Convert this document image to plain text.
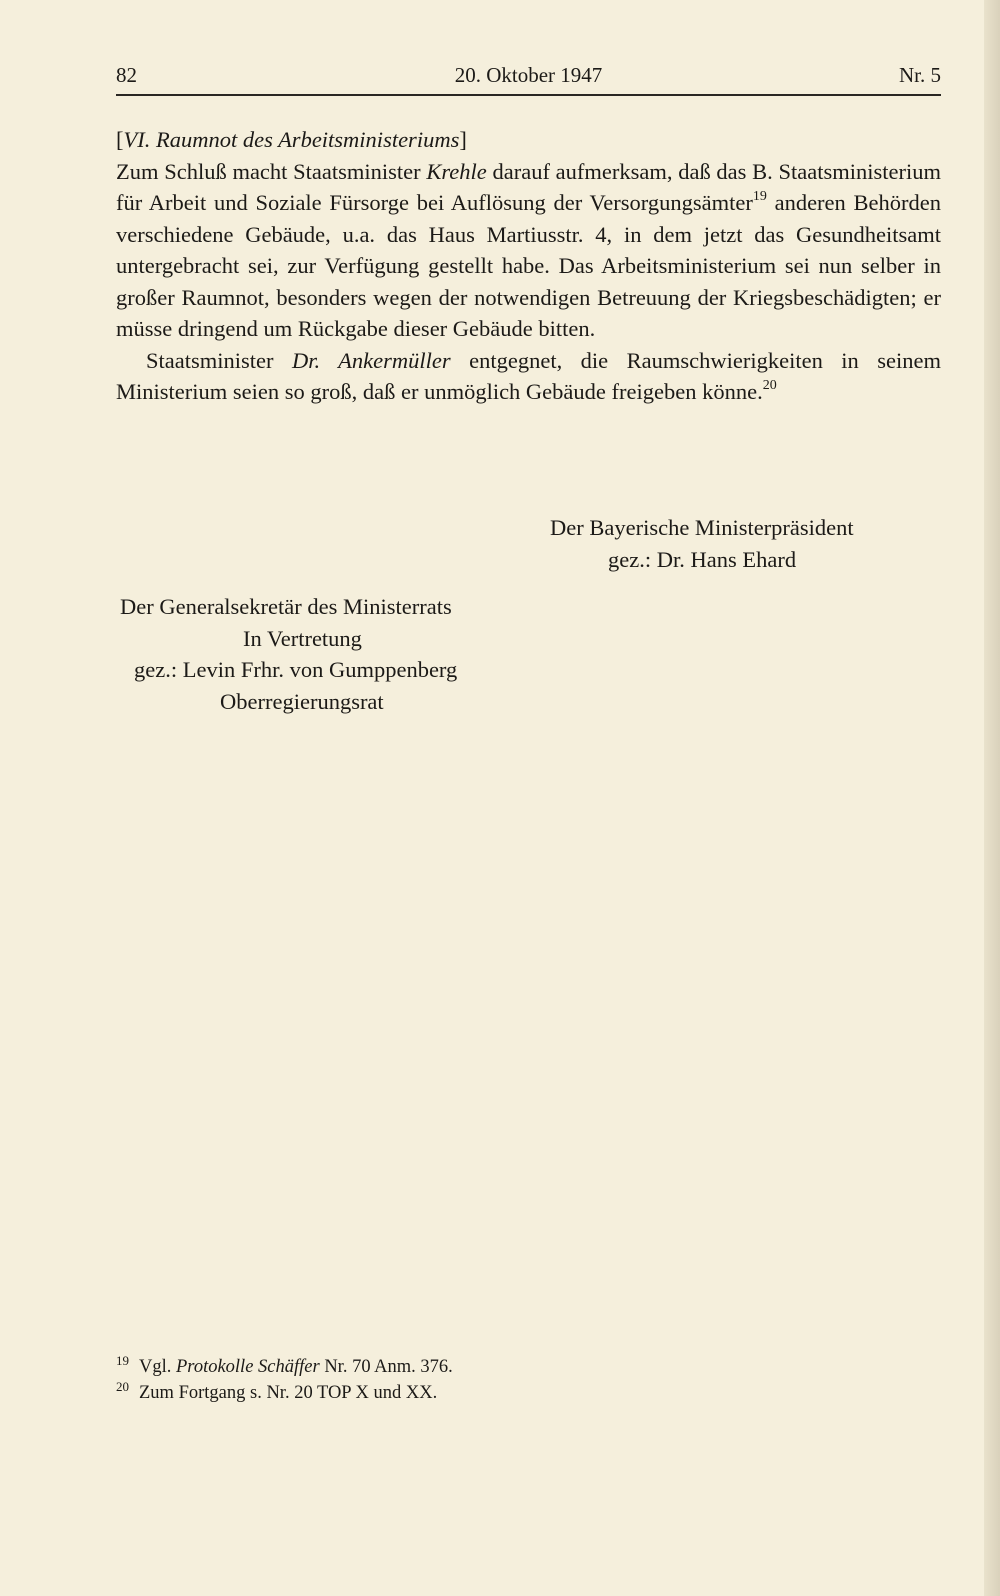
82	20. Oktober 1947	Nr. 5
[VI. Raumnot des Arbeitsministeriums]

Zum Schluß macht Staatsminister Krehle darauf aufmerksam, daß das B. Staatsministerium für Arbeit und Soziale Fürsorge bei Auflösung der Versorgungsämter$^{19}$ anderen Behörden verschiedene Gebäude, u.a. das Haus Martiusstr. 4, in dem jetzt das Gesundheitsamt untergebracht sei, zur Verfügung gestellt habe. Das Arbeitsministerium sei nun selber in großer Raumnot, besonders wegen der notwendigen Betreuung der Kriegsbeschädigten; er müsse dringend um Rückgabe dieser Gebäude bitten.

Staatsminister Dr. Ankermüller entgegnet, die Raumschwierigkeiten in seinem Ministerium seien so groß, daß er unmöglich Gebäude freigeben könne.$^{20}$

Der Bayerische Ministerpräsident
gez.: Dr. Hans Ehard
Der Generalsekretär des Ministerrats
In Vertretung
gez.: Levin Frhr. von Gumppenberg
Oberregierungsrat
$^{19}$ Vgl. Protokolle Schäffer Nr. 70 Anm. 376.
$^{20}$ Zum Fortgang s. Nr. 20 TOP X und XX.
